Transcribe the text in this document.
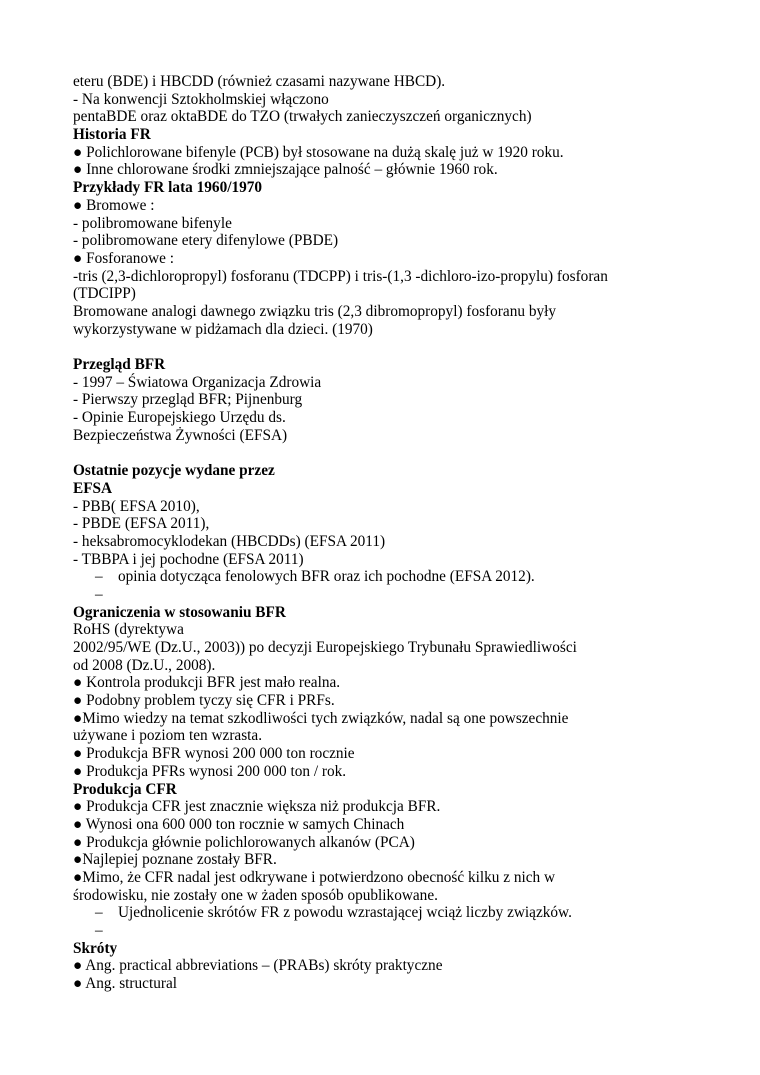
eteru (BDE) i HBCDD (również czasami nazywane HBCD).
- Na konwencji Sztokholmskiej włączono
pentaBDE oraz oktaBDE do TZO (trwałych zanieczyszczeń organicznych)
Historia FR
● Polichlorowane bifenyle (PCB) był stosowane na dużą skalę już w 1920 roku.
● Inne chlorowane środki zmniejszające palność – głównie 1960 rok.
Przykłady FR lata 1960/1970
● Bromowe :
- polibromowane bifenyle
- polibromowane etery difenylowe (PBDE)
● Fosforanowe :
-tris (2,3-dichloropropyl) fosforanu (TDCPP) i tris-(1,3 -dichloro-izo-propylu) fosforan
(TDCIPP)
Bromowane analogi dawnego związku tris (2,3 dibromopropyl) fosforanu były
wykorzystywane w pidżamach dla dzieci. (1970)
Przegląd BFR
- 1997 – Światowa Organizacja Zdrowia
- Pierwszy przegląd BFR; Pijnenburg
- Opinie Europejskiego Urzędu ds.
Bezpieczeństwa Żywności (EFSA)
Ostatnie pozycje wydane przez
EFSA
- PBB( EFSA 2010),
- PBDE (EFSA 2011),
- heksabromocyklodekan (HBCDDs) (EFSA 2011)
- TBBPA i jej pochodne (EFSA 2011)
– opinia dotycząca fenolowych BFR oraz ich pochodne (EFSA 2012).
–
Ograniczenia w stosowaniu BFR
RoHS (dyrektywa
2002/95/WE (Dz.U., 2003)) po decyzji Europejskiego Trybunału Sprawiedliwości
od 2008 (Dz.U., 2008).
● Kontrola produkcji BFR jest mało realna.
● Podobny problem tyczy się CFR i PRFs.
●Mimo wiedzy na temat szkodliwości tych związków, nadal są one powszechnie
używane i poziom ten wzrasta.
● Produkcja BFR wynosi 200 000 ton rocznie
● Produkcja PFRs wynosi 200 000 ton / rok.
Produkcja CFR
● Produkcja CFR jest znacznie większa niż produkcja BFR.
● Wynosi ona 600 000 ton rocznie w samych Chinach
● Produkcja głównie polichlorowanych alkanów (PCA)
●Najlepiej poznane zostały BFR.
●Mimo, że CFR nadal jest odkrywane i potwierdzono obecność kilku z nich w
środowisku, nie zostały one w żaden sposób opublikowane.
– Ujednolicenie skrótów FR z powodu wzrastającej wciąż liczby związków.
–
Skróty
● Ang. practical abbreviations – (PRABs) skróty praktyczne
● Ang. structural
